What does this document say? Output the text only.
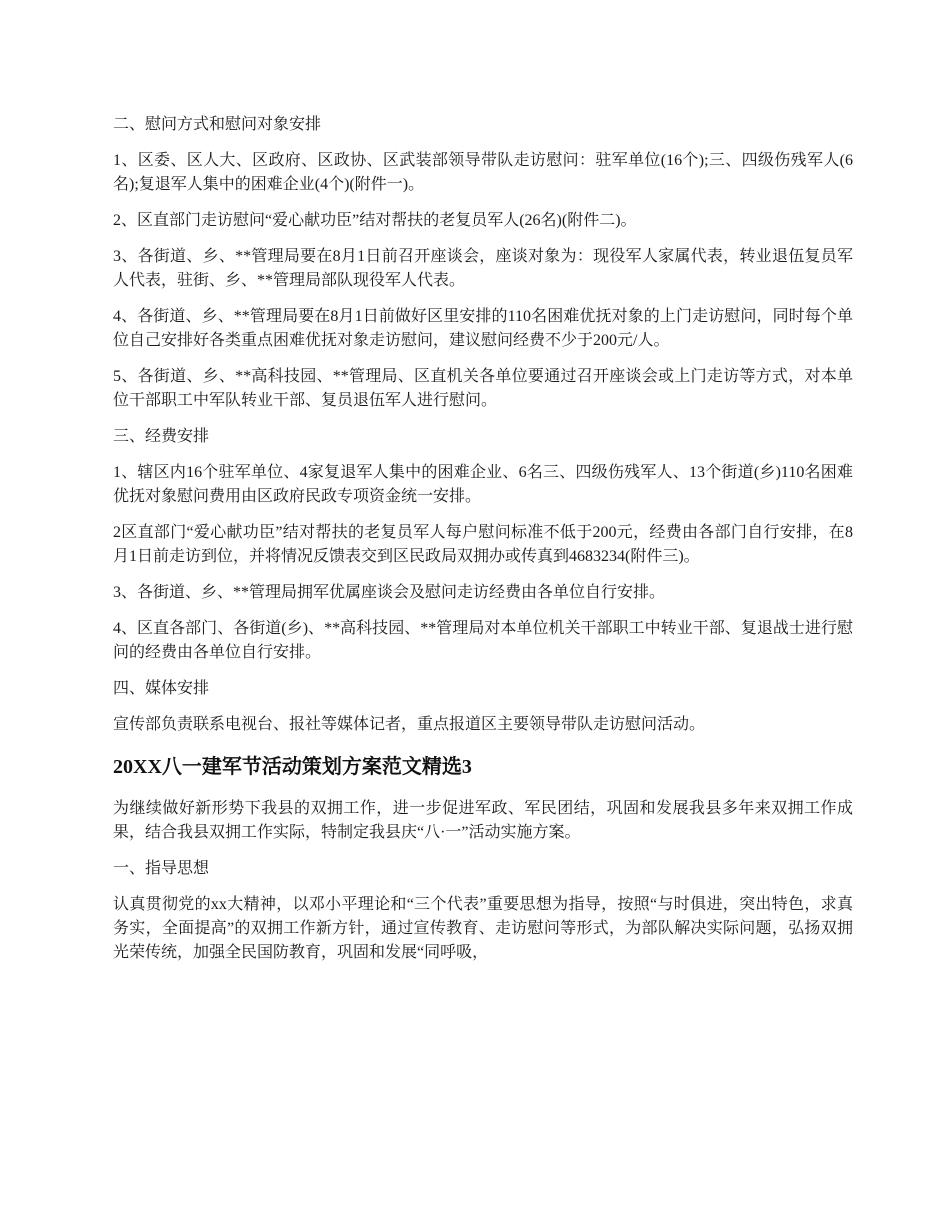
二、慰问方式和慰问对象安排

1、区委、区人大、区政府、区政协、区武装部领导带队走访慰问：驻军单位(16个);三、四级伤残军人(6名);复退军人集中的困难企业(4个)(附件一)。

2、区直部门走访慰问“爱心献功臣”结对帮扶的老复员军人(26名)(附件二)。

3、各街道、乡、**管理局要在8月1日前召开座谈会，座谈对象为：现役军人家属代表，转业退伍复员军人代表，驻街、乡、**管理局部队现役军人代表。

4、各街道、乡、**管理局要在8月1日前做好区里安排的110名困难优抚对象的上门走访慰问，同时每个单位自己安排好各类重点困难优抚对象走访慰问，建议慰问经费不少于200元/人。

5、各街道、乡、**高科技园、**管理局、区直机关各单位要通过召开座谈会或上门走访等方式，对本单位干部职工中军队转业干部、复员退伍军人进行慰问。

三、经费安排

1、辖区内16个驻军单位、4家复退军人集中的困难企业、6名三、四级伤残军人、13个街道(乡)110名困难优抚对象慰问费用由区政府民政专项资金统一安排。

2区直部门“爱心献功臣”结对帮扶的老复员军人每户慰问标准不低于200元，经费由各部门自行安排，在8月1日前走访到位，并将情况反馈表交到区民政局双拥办或传真到4683234(附件三)。

3、各街道、乡、**管理局拥军优属座谈会及慰问走访经费由各单位自行安排。

4、区直各部门、各街道(乡)、**高科技园、**管理局对本单位机关干部职工中转业干部、复退战士进行慰问的经费由各单位自行安排。

四、媒体安排

宣传部负责联系电视台、报社等媒体记者，重点报道区主要领导带队走访慰问活动。

20XX八一建军节活动策划方案范文精选3

为继续做好新形势下我县的双拥工作，进一步促进军政、军民团结，巩固和发展我县多年来双拥工作成果，结合我县双拥工作实际，特制定我县庆“八·一”活动实施方案。

一、指导思想

认真贯彻党的xx大精神，以邓小平理论和“三个代表”重要思想为指导，按照“与时俱进，突出特色，求真务实，全面提高”的双拥工作新方针，通过宣传教育、走访慰问等形式，为部队解决实际问题，弘扬双拥光荣传统，加强全民国防教育，巩固和发展“同呼吸，
